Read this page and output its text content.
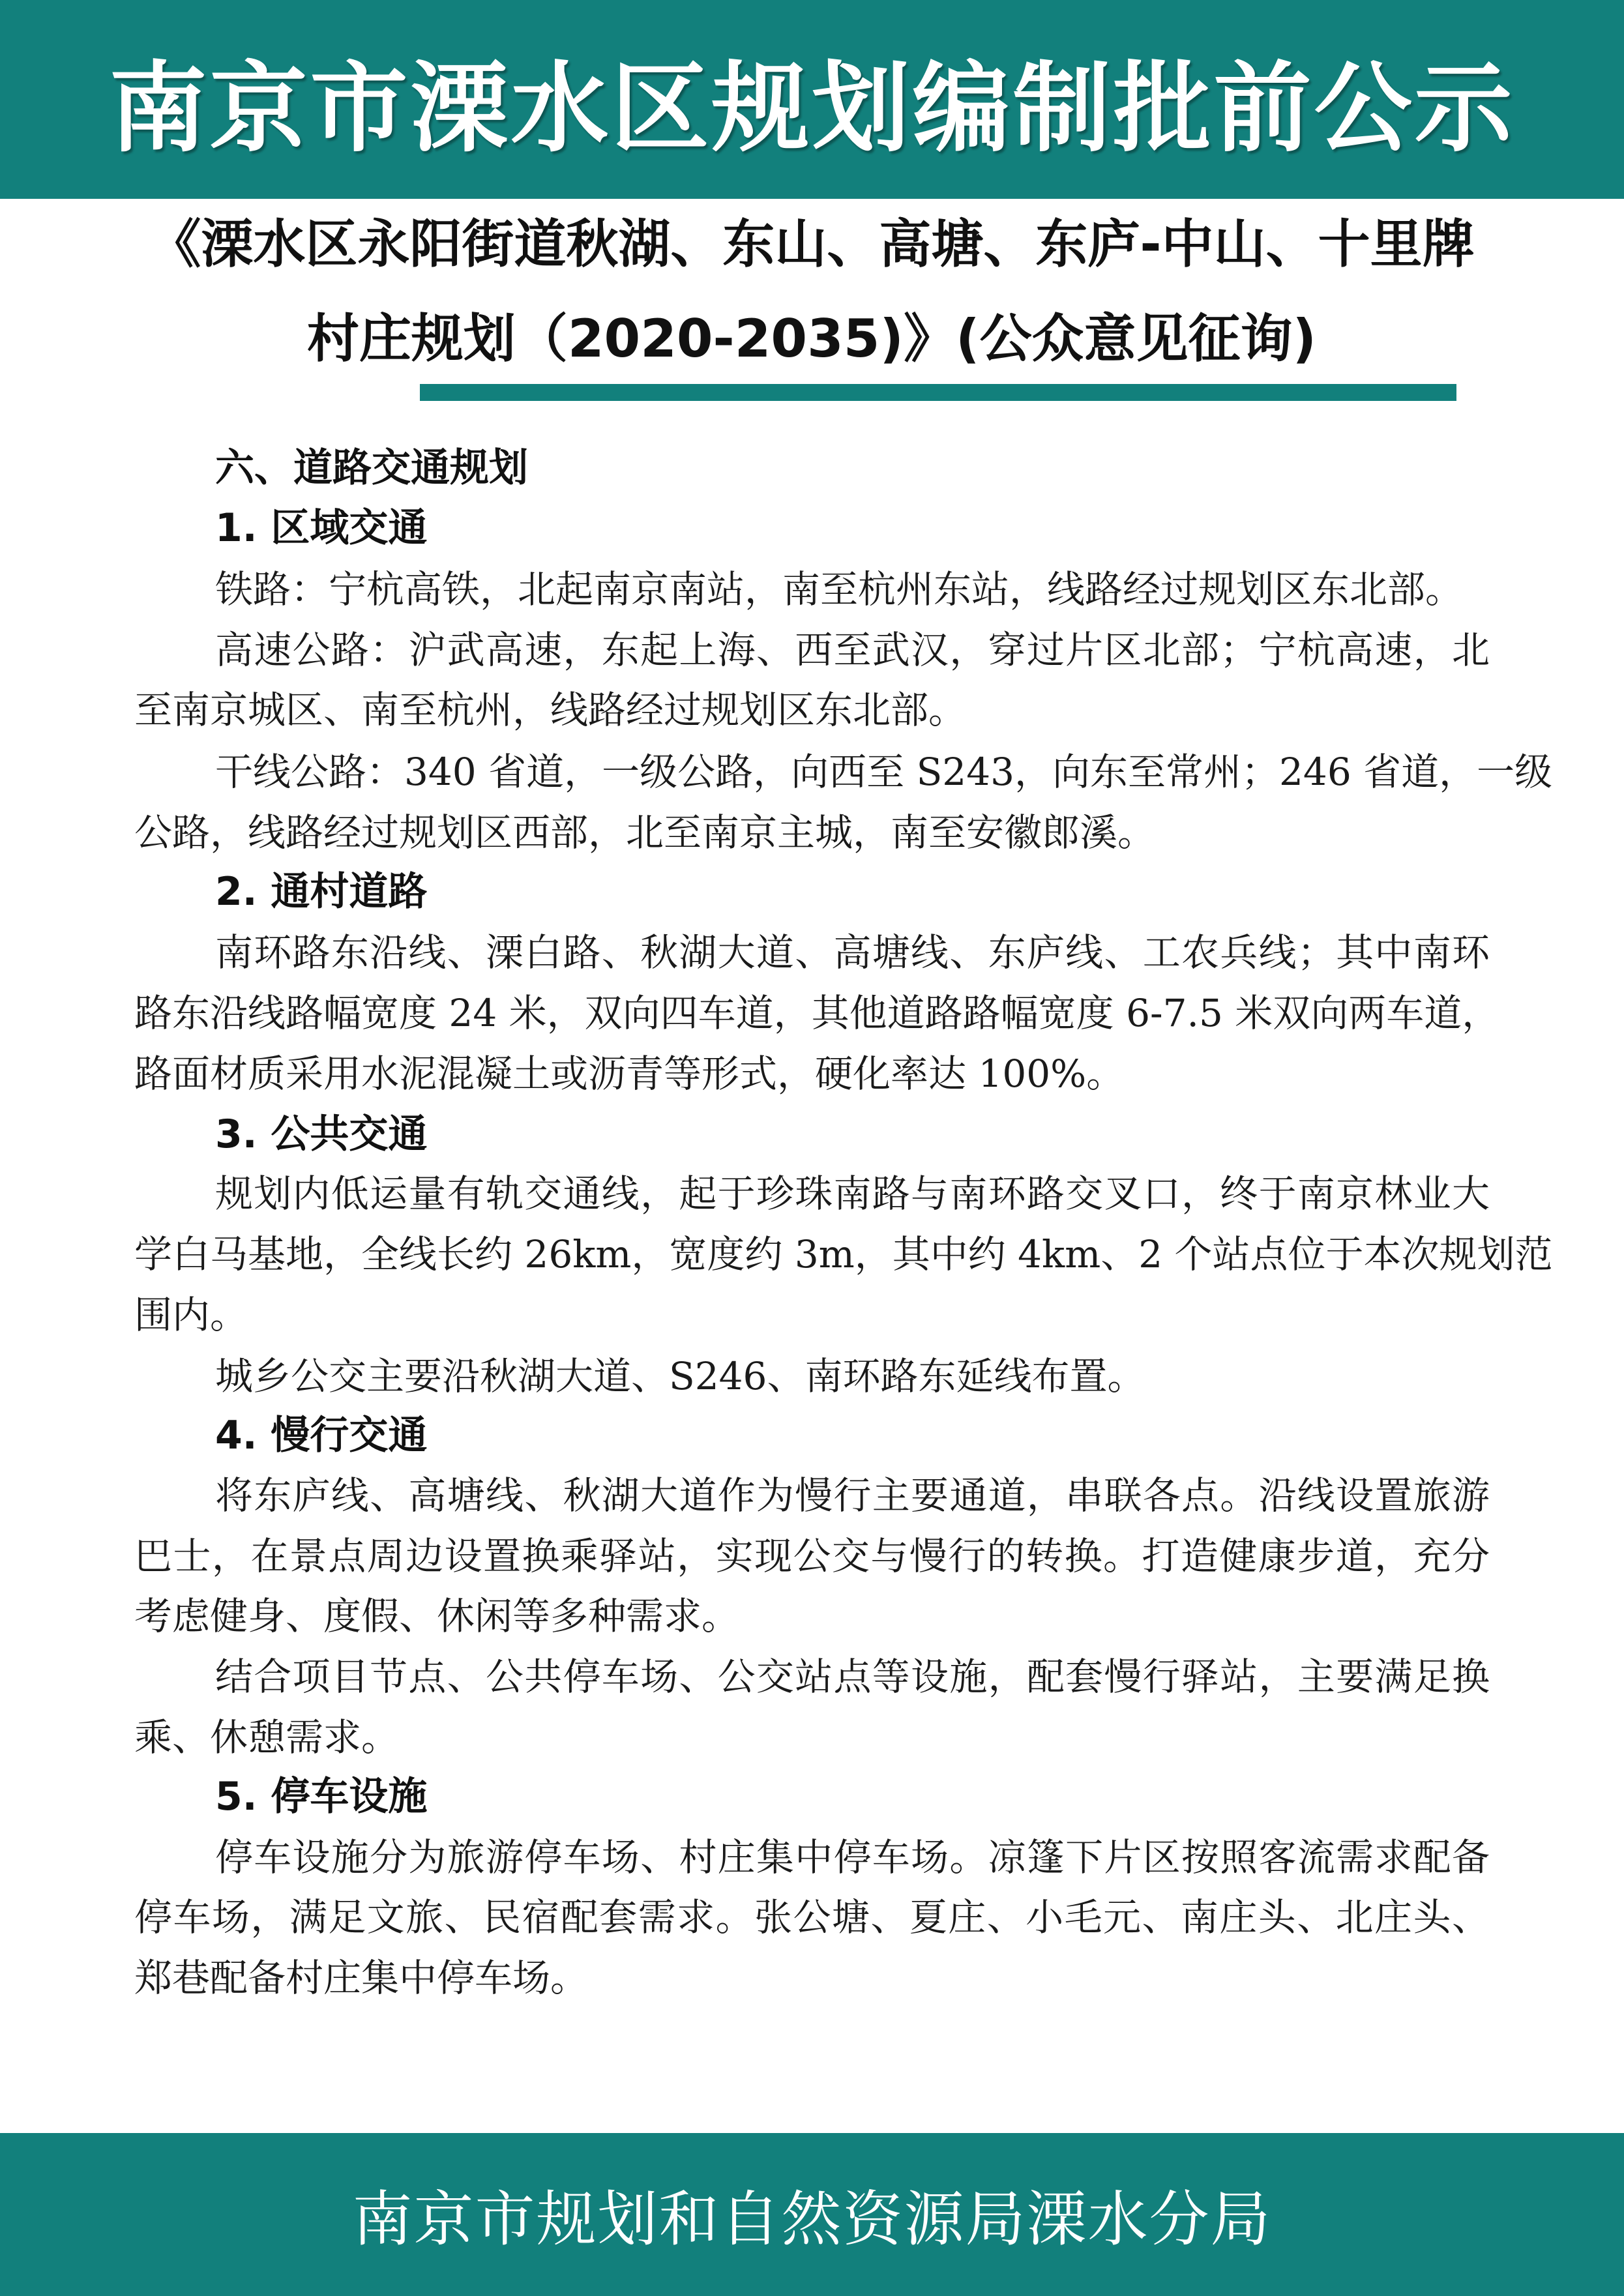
南京市溧水区规划编制批前公示
《溧水区永阳街道秋湖、东山、高塘、东庐-中山、十里牌
村庄规划（2020-2035)》(公众意见征询)
六、道路交通规划
1. 区域交通
铁路：宁杭高铁，北起南京南站，南至杭州东站，线路经过规划区东北部。
高速公路：沪武高速，东起上海、西至武汉，穿过片区北部；宁杭高速，北
至南京城区、南至杭州，线路经过规划区东北部。
干线公路：340 省道，一级公路，向西至 S243，向东至常州；246 省道，一级
公路，线路经过规划区西部，北至南京主城，南至安徽郎溪。
2. 通村道路
南环路东沿线、溧白路、秋湖大道、高塘线、东庐线、工农兵线；其中南环
路东沿线路幅宽度 24 米，双向四车道，其他道路路幅宽度 6-7.5 米双向两车道，
路面材质采用水泥混凝土或沥青等形式，硬化率达 100%。
3. 公共交通
规划内低运量有轨交通线，起于珍珠南路与南环路交叉口，终于南京林业大
学白马基地，全线长约 26km，宽度约 3m，其中约 4km、2 个站点位于本次规划范
围内。
城乡公交主要沿秋湖大道、S246、南环路东延线布置。
4. 慢行交通
将东庐线、高塘线、秋湖大道作为慢行主要通道，串联各点。沿线设置旅游
巴士，在景点周边设置换乘驿站，实现公交与慢行的转换。打造健康步道，充分
考虑健身、度假、休闲等多种需求。
结合项目节点、公共停车场、公交站点等设施，配套慢行驿站，主要满足换
乘、休憩需求。
5. 停车设施
停车设施分为旅游停车场、村庄集中停车场。凉篷下片区按照客流需求配备
停车场，满足文旅、民宿配套需求。张公塘、夏庄、小毛元、南庄头、北庄头、
郑巷配备村庄集中停车场。
南京市规划和自然资源局溧水分局
